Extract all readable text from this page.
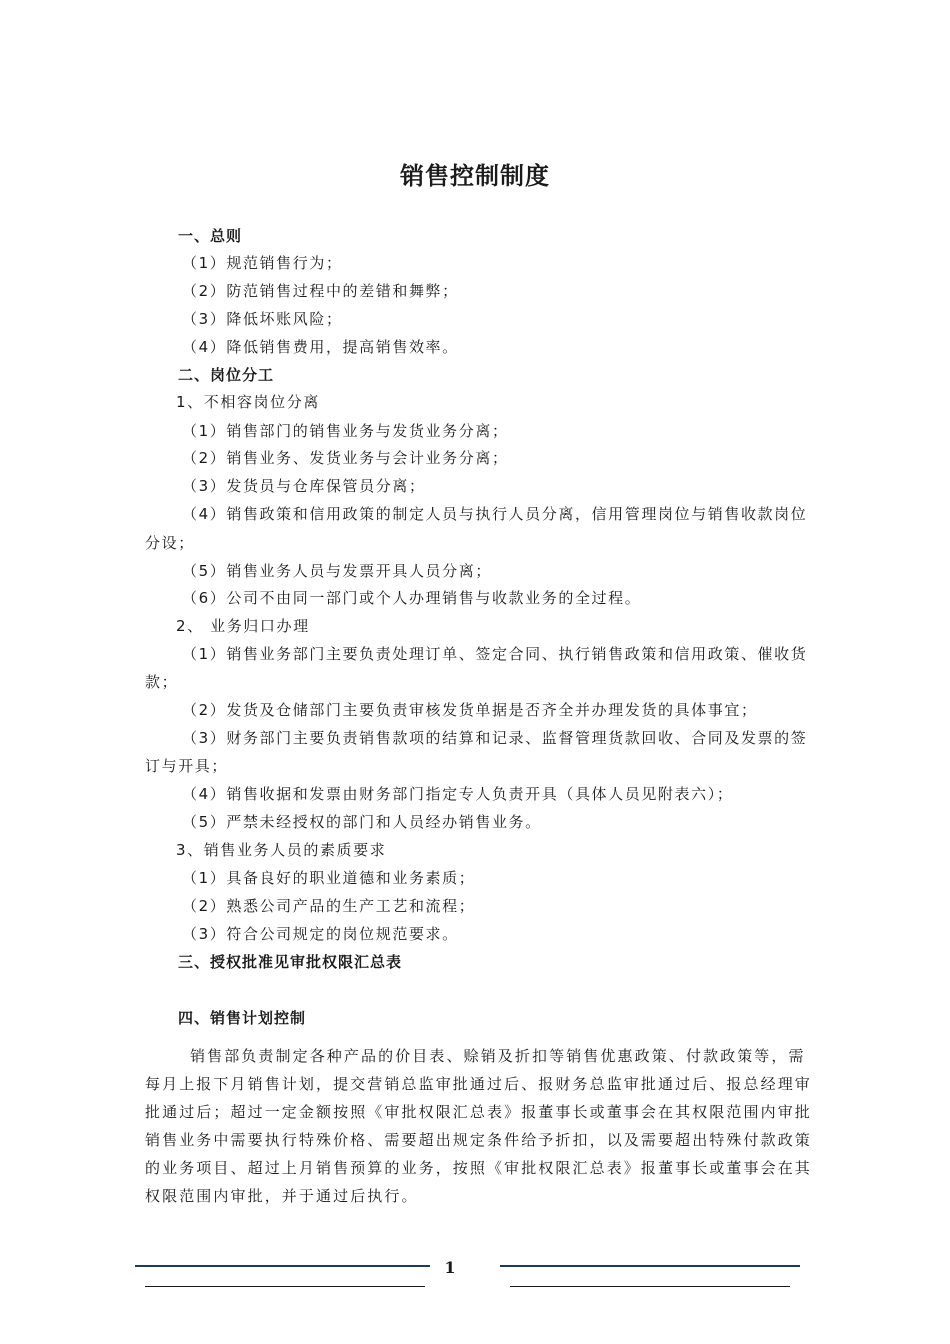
销售控制制度
一、总则
（1）规范销售行为；
（2）防范销售过程中的差错和舞弊；
（3）降低坏账风险；
（4）降低销售费用，提高销售效率。
二、岗位分工
1、不相容岗位分离
（1）销售部门的销售业务与发货业务分离；
（2）销售业务、发货业务与会计业务分离；
（3）发货员与仓库保管员分离；
（4）销售政策和信用政策的制定人员与执行人员分离，信用管理岗位与销售收款岗位
分设；
（5）销售业务人员与发票开具人员分离；
（6）公司不由同一部门或个人办理销售与收款业务的全过程。
2、 业务归口办理
（1）销售业务部门主要负责处理订单、签定合同、执行销售政策和信用政策、催收货
款；
（2）发货及仓储部门主要负责审核发货单据是否齐全并办理发货的具体事宜；
（3）财务部门主要负责销售款项的结算和记录、监督管理货款回收、合同及发票的签
订与开具；
（4）销售收据和发票由财务部门指定专人负责开具（具体人员见附表六）；
（5）严禁未经授权的部门和人员经办销售业务。
3、销售业务人员的素质要求
（1）具备良好的职业道德和业务素质；
（2）熟悉公司产品的生产工艺和流程；
（3）符合公司规定的岗位规范要求。
三、授权批准见审批权限汇总表
四、销售计划控制
销售部负责制定各种产品的价目表、赊销及折扣等销售优惠政策、付款政策等，需
每月上报下月销售计划，提交营销总监审批通过后、报财务总监审批通过后、报总经理审
批通过后；超过一定金额按照《审批权限汇总表》报董事长或董事会在其权限范围内审批
销售业务中需要执行特殊价格、需要超出规定条件给予折扣，以及需要超出特殊付款政策
的业务项目、超过上月销售预算的业务，按照《审批权限汇总表》报董事长或董事会在其
权限范围内审批，并于通过后执行。
1
